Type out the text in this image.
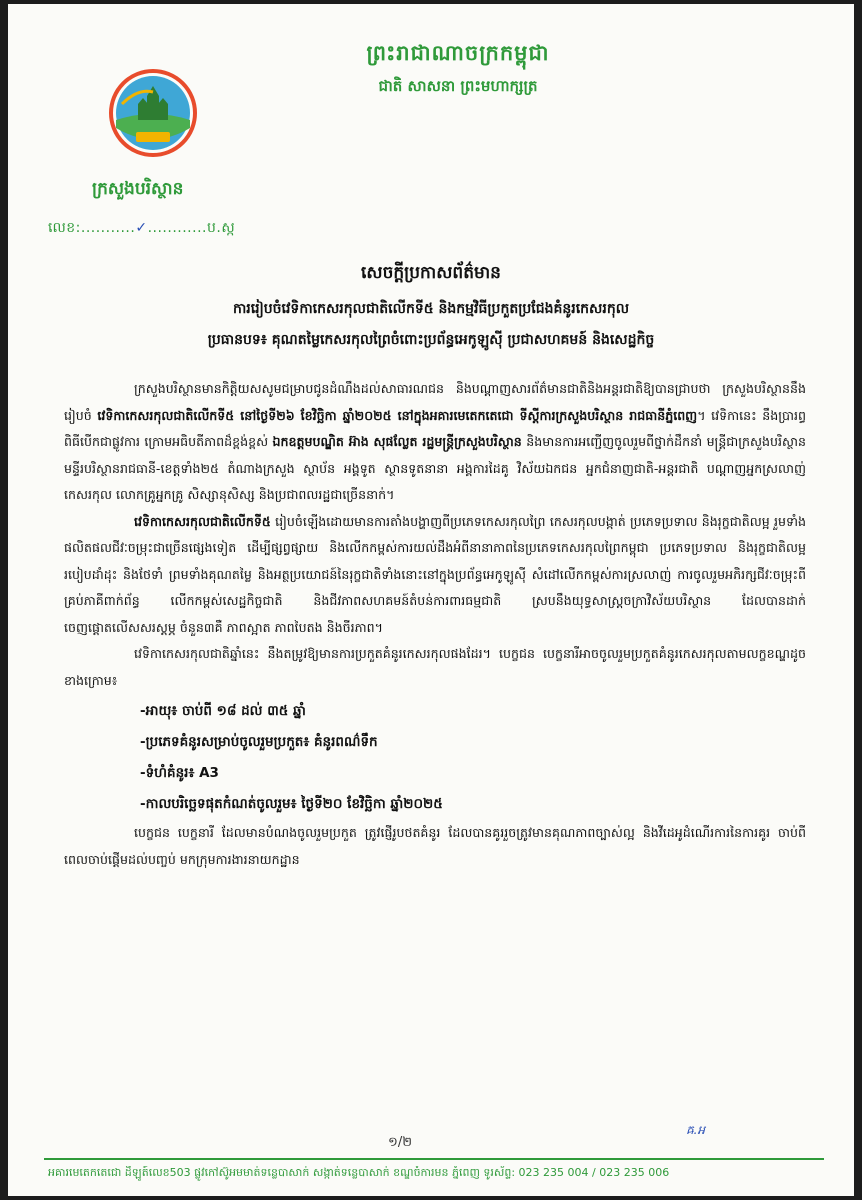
ព្រះរាជាណាចក្រកម្ពុជា
ជាតិ សាសនា ព្រះមហាក្សត្រ
ក្រសួងបរិស្ថាន
លេខ:...........✓............ប.ស្ក
សេចក្តីប្រកាសព័ត៌មាន
ការរៀបចំវេទិកាកេសរកុលជាតិលើកទី៥ និងកម្មវិធីប្រកួតប្រជែងគំនូរកេសរកុល
ប្រធានបទ៖ គុណតម្លៃកេសរកុលព្រៃចំពោះប្រព័ន្ធអេកូឡូស៊ី ប្រជាសហគមន៍ និងសេដ្ឋកិច្ច

ក្រសួងបរិស្ថានមានកិត្តិយសសូមជម្រាបជូនដំណឹងដល់សាធារណជន និងបណ្តាញសារព័ត៌មានជាតិនិងអន្តរជាតិឱ្យបានជ្រាបថា ក្រសួងបរិស្ថាននឹងរៀបចំ វេទិកាកេសរកុលជាតិលើកទី៥ នៅថ្ងៃទី២៦ ខែវិច្ឆិកា ឆ្នាំ២០២៥ នៅក្នុងអគារមេតេកតេជោ ទីស្តីការក្រសួងបរិស្ថាន រាជធានីភ្នំពេញ។ វេទិកានេះ នឹងប្រារព្ធពិធីបើកជាផ្លូវការ ក្រោមអធិបតីភាពដ៏ខ្ពង់ខ្ពស់ ឯកឧត្តមបណ្ឌិត អ៊ាង សុផល្លែត រដ្ឋមន្ត្រីក្រសួងបរិស្ថាន និងមានការអញ្ជើញចូលរួមពីថ្នាក់ដឹកនាំ មន្ត្រីជាក្រសួងបរិស្ថាន មន្ទីរបរិស្ថានរាជធានី-ខេត្តទាំង២៥ តំណាងក្រសួង ស្ថាប័ន អង្គទូត ស្ថានទូតនានា អង្គការដៃគូ វិស័យឯកជន អ្នកជំនាញជាតិ-អន្តរជាតិ បណ្តាញអ្នកស្រលាញ់កេសរកុល លោកគ្រូអ្នកគ្រូ សិស្សានុសិស្ស និងប្រជាពលរដ្ឋជាច្រើននាក់។

វេទិកាកេសរកុលជាតិលើកទី៥ រៀបចំឡើងដោយមានការតាំងបង្ហាញពីប្រភេទកេសរកុលព្រៃ កេសរកុលបង្កាត់ ប្រភេទប្រទាល និងរុក្ខជាតិលម្អ រួមទាំងផលិតផលជីវៈចម្រុះជាច្រើនផ្សេងទៀត ដើម្បីផ្សព្វផ្សាយ និងលើកកម្ពស់ការយល់ដឹងអំពីនានាភាពនៃប្រភេទកេសរកុលព្រៃកម្ពុជា ប្រភេទប្រទាល និងរុក្ខជាតិលម្អ របៀបដាំដុះ និងថែទាំ ព្រមទាំងគុណតម្លៃ និងអត្ថប្រយោជន៍នៃរុក្ខជាតិទាំងនោះនៅក្នុងប្រព័ន្ធអេកូឡូស៊ី សំដៅលើកកម្ពស់ការស្រលាញ់ ការចូលរួមអភិរក្សជីវៈចម្រុះពីគ្រប់ភាគីពាក់ព័ន្ធ លើកកម្ពស់សេដ្ឋកិច្ចជាតិ និងជីវភាពសហគមន៍តំបន់ការពារធម្មជាតិ ស្របនឹងយុទ្ធសាស្ត្រចក្រាវិស័យបរិស្ថាន ដែលបានដាក់ចេញផ្តោតលើសសរស្តម្ភ ចំនួន៣គឺ ភាពស្អាត ភាពបៃតង និងចីរភាព។

វេទិកាកេសរកុលជាតិឆ្នាំនេះ នឹងតម្រូវឱ្យមានការប្រកួតគំនូរកេសរកុលផងដែរ។ បេក្ខជន បេក្ខនារីអាចចូលរួមប្រកួតគំនូរកេសរកុលតាមលក្ខខណ្ឌដូចខាងក្រោម៖

-អាយុ៖ ចាប់ពី ១៨ ដល់ ៣៥ ឆ្នាំ
-ប្រភេទគំនូរសម្រាប់ចូលរួមប្រកួត៖ គំនូរពណ៌ទឹក
-ទំហំគំនូរ៖ A3
-កាលបរិច្ឆេទផុតកំណត់ចូលរួម៖ ថ្ងៃទី២០ ខែវិច្ឆិកា ឆ្នាំ២០២៥

បេក្ខជន បេក្ខនារី ដែលមានបំណងចូលរួមប្រកួត ត្រូវផ្ញើរូបថតគំនូរ ដែលបានគូររួចត្រូវមានគុណភាពច្បាស់ល្អ និងវីដេអូដំណើរការនៃការគូរ ចាប់ពីពេលចាប់ផ្តើមដល់បញ្ចប់ មកក្រុមការងារនាយកដ្ឋាន

ឝ.អ
១/២
អគារមេតេកតេជោ ដីឡូត៍លេខ503 ផ្លូវកៅស៊ូអមមាត់ទន្លេបាសាក់ សង្កាត់ទន្លេបាសាក់ ខណ្ឌចំការមន ភ្នំពេញ ទូរស័ព្ទ: 023 235 004 / 023 235 006
